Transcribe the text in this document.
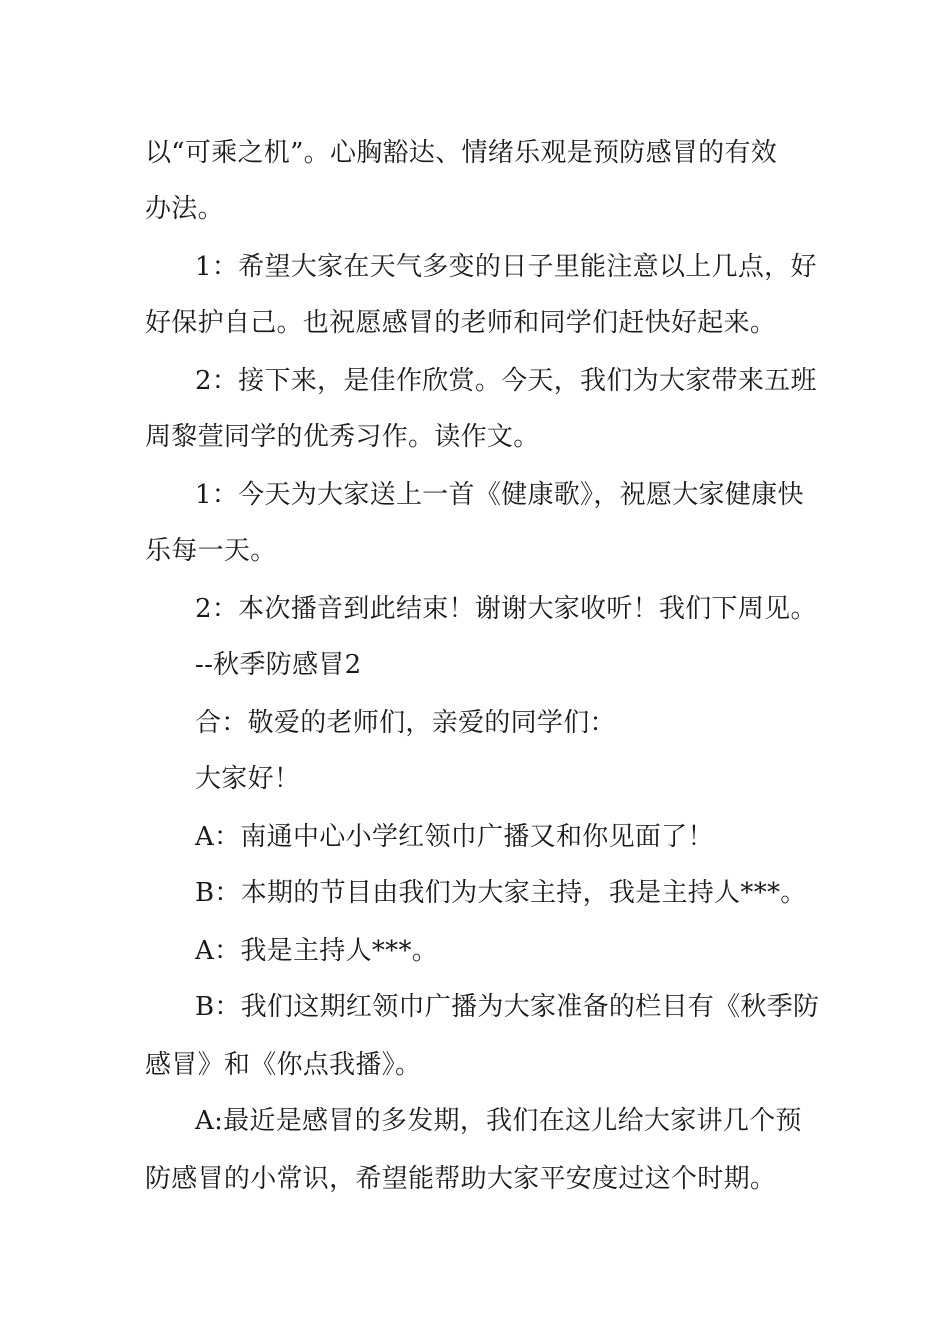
以“可乘之机”。心胸豁达、情绪乐观是预防感冒的有效
办法。
1：希望大家在天气多变的日子里能注意以上几点，好
好保护自己。也祝愿感冒的老师和同学们赶快好起来。
2：接下来，是佳作欣赏。今天，我们为大家带来五班
周黎萱同学的优秀习作。读作文。
1：今天为大家送上一首《健康歌》，祝愿大家健康快
乐每一天。
2：本次播音到此结束！谢谢大家收听！我们下周见。
--秋季防感冒2
合：敬爱的老师们，亲爱的同学们：
大家好！
A：南通中心小学红领巾广播又和你见面了！
B：本期的节目由我们为大家主持，我是主持人***。
A：我是主持人***。
B：我们这期红领巾广播为大家准备的栏目有《秋季防
感冒》和《你点我播》。
A:最近是感冒的多发期，我们在这儿给大家讲几个预
防感冒的小常识，希望能帮助大家平安度过这个时期。
